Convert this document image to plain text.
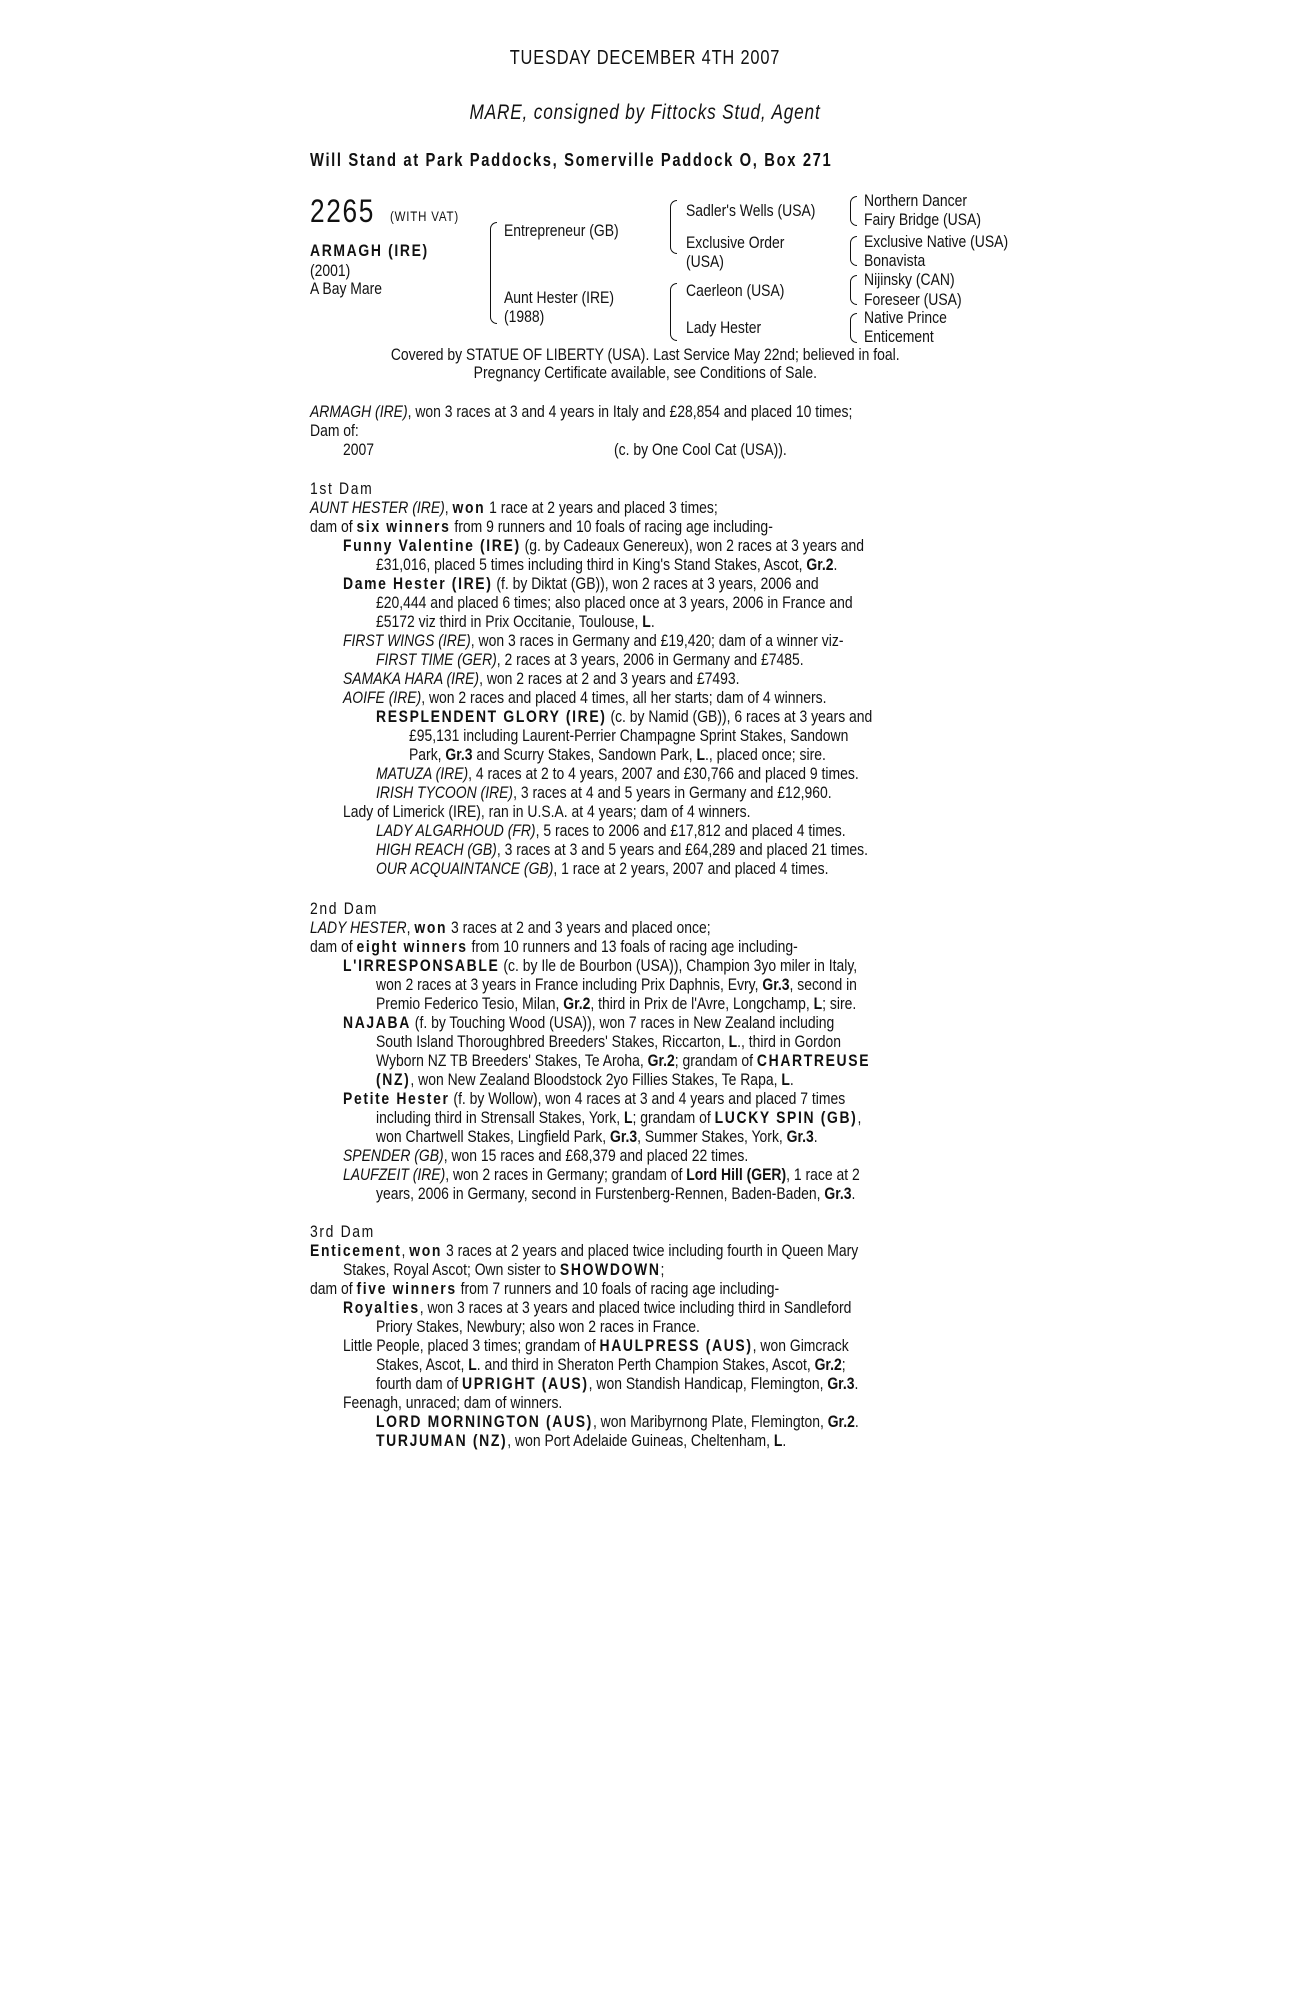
TUESDAY DECEMBER 4TH 2007
MARE, consigned by Fittocks Stud, Agent
Will Stand at Park Paddocks, Somerville Paddock O, Box 271
2265	(WITH VAT)
ARMAGH (IRE)
(2001)
A Bay Mare
Entrepreneur (GB)
Aunt Hester (IRE)
(1988)
Sadler's Wells (USA)
Exclusive Order
(USA)
Caerleon (USA)
Lady Hester
Northern Dancer
Fairy Bridge (USA)
Exclusive Native (USA)
Bonavista
Nijinsky (CAN)
Foreseer (USA)
Native Prince
Enticement
Covered by STATUE OF LIBERTY (USA). Last Service May 22nd; believed in foal.
Pregnancy Certificate available, see Conditions of Sale.
ARMAGH (IRE), won 3 races at 3 and 4 years in Italy and £28,854 and placed 10 times;
Dam of:
2007	(c. by One Cool Cat (USA)).
1st Dam
AUNT HESTER (IRE), won 1 race at 2 years and placed 3 times;
dam of six winners from 9 runners and 10 foals of racing age including-
Funny Valentine (IRE) (g. by Cadeaux Genereux), won 2 races at 3 years and
£31,016, placed 5 times including third in King's Stand Stakes, Ascot, Gr.2.
Dame Hester (IRE) (f. by Diktat (GB)), won 2 races at 3 years, 2006 and
£20,444 and placed 6 times; also placed once at 3 years, 2006 in France and
£5172 viz third in Prix Occitanie, Toulouse, L.
FIRST WINGS (IRE), won 3 races in Germany and £19,420; dam of a winner viz-
FIRST TIME (GER), 2 races at 3 years, 2006 in Germany and £7485.
SAMAKA HARA (IRE), won 2 races at 2 and 3 years and £7493.
AOIFE (IRE), won 2 races and placed 4 times, all her starts; dam of 4 winners.
RESPLENDENT GLORY (IRE) (c. by Namid (GB)), 6 races at 3 years and
£95,131 including Laurent-Perrier Champagne Sprint Stakes, Sandown
Park, Gr.3 and Scurry Stakes, Sandown Park, L., placed once; sire.
MATUZA (IRE), 4 races at 2 to 4 years, 2007 and £30,766 and placed 9 times.
IRISH TYCOON (IRE), 3 races at 4 and 5 years in Germany and £12,960.
Lady of Limerick (IRE), ran in U.S.A. at 4 years; dam of 4 winners.
LADY ALGARHOUD (FR), 5 races to 2006 and £17,812 and placed 4 times.
HIGH REACH (GB), 3 races at 3 and 5 years and £64,289 and placed 21 times.
OUR ACQUAINTANCE (GB), 1 race at 2 years, 2007 and placed 4 times.
2nd Dam
LADY HESTER, won 3 races at 2 and 3 years and placed once;
dam of eight winners from 10 runners and 13 foals of racing age including-
L'IRRESPONSABLE (c. by Ile de Bourbon (USA)), Champion 3yo miler in Italy,
won 2 races at 3 years in France including Prix Daphnis, Evry, Gr.3, second in
Premio Federico Tesio, Milan, Gr.2, third in Prix de l'Avre, Longchamp, L; sire.
NAJABA (f. by Touching Wood (USA)), won 7 races in New Zealand including
South Island Thoroughbred Breeders' Stakes, Riccarton, L., third in Gordon
Wyborn NZ TB Breeders' Stakes, Te Aroha, Gr.2; grandam of CHARTREUSE
(NZ), won New Zealand Bloodstock 2yo Fillies Stakes, Te Rapa, L.
Petite Hester (f. by Wollow), won 4 races at 3 and 4 years and placed 7 times
including third in Strensall Stakes, York, L; grandam of LUCKY SPIN (GB),
won Chartwell Stakes, Lingfield Park, Gr.3, Summer Stakes, York, Gr.3.
SPENDER (GB), won 15 races and £68,379 and placed 22 times.
LAUFZEIT (IRE), won 2 races in Germany; grandam of Lord Hill (GER), 1 race at 2
years, 2006 in Germany, second in Furstenberg-Rennen, Baden-Baden, Gr.3.
3rd Dam
Enticement, won 3 races at 2 years and placed twice including fourth in Queen Mary
Stakes, Royal Ascot; Own sister to SHOWDOWN;
dam of five winners from 7 runners and 10 foals of racing age including-
Royalties, won 3 races at 3 years and placed twice including third in Sandleford
Priory Stakes, Newbury; also won 2 races in France.
Little People, placed 3 times; grandam of HAULPRESS (AUS), won Gimcrack
Stakes, Ascot, L. and third in Sheraton Perth Champion Stakes, Ascot, Gr.2;
fourth dam of UPRIGHT (AUS), won Standish Handicap, Flemington, Gr.3.
Feenagh, unraced; dam of winners.
LORD MORNINGTON (AUS), won Maribyrnong Plate, Flemington, Gr.2.
TURJUMAN (NZ), won Port Adelaide Guineas, Cheltenham, L.
